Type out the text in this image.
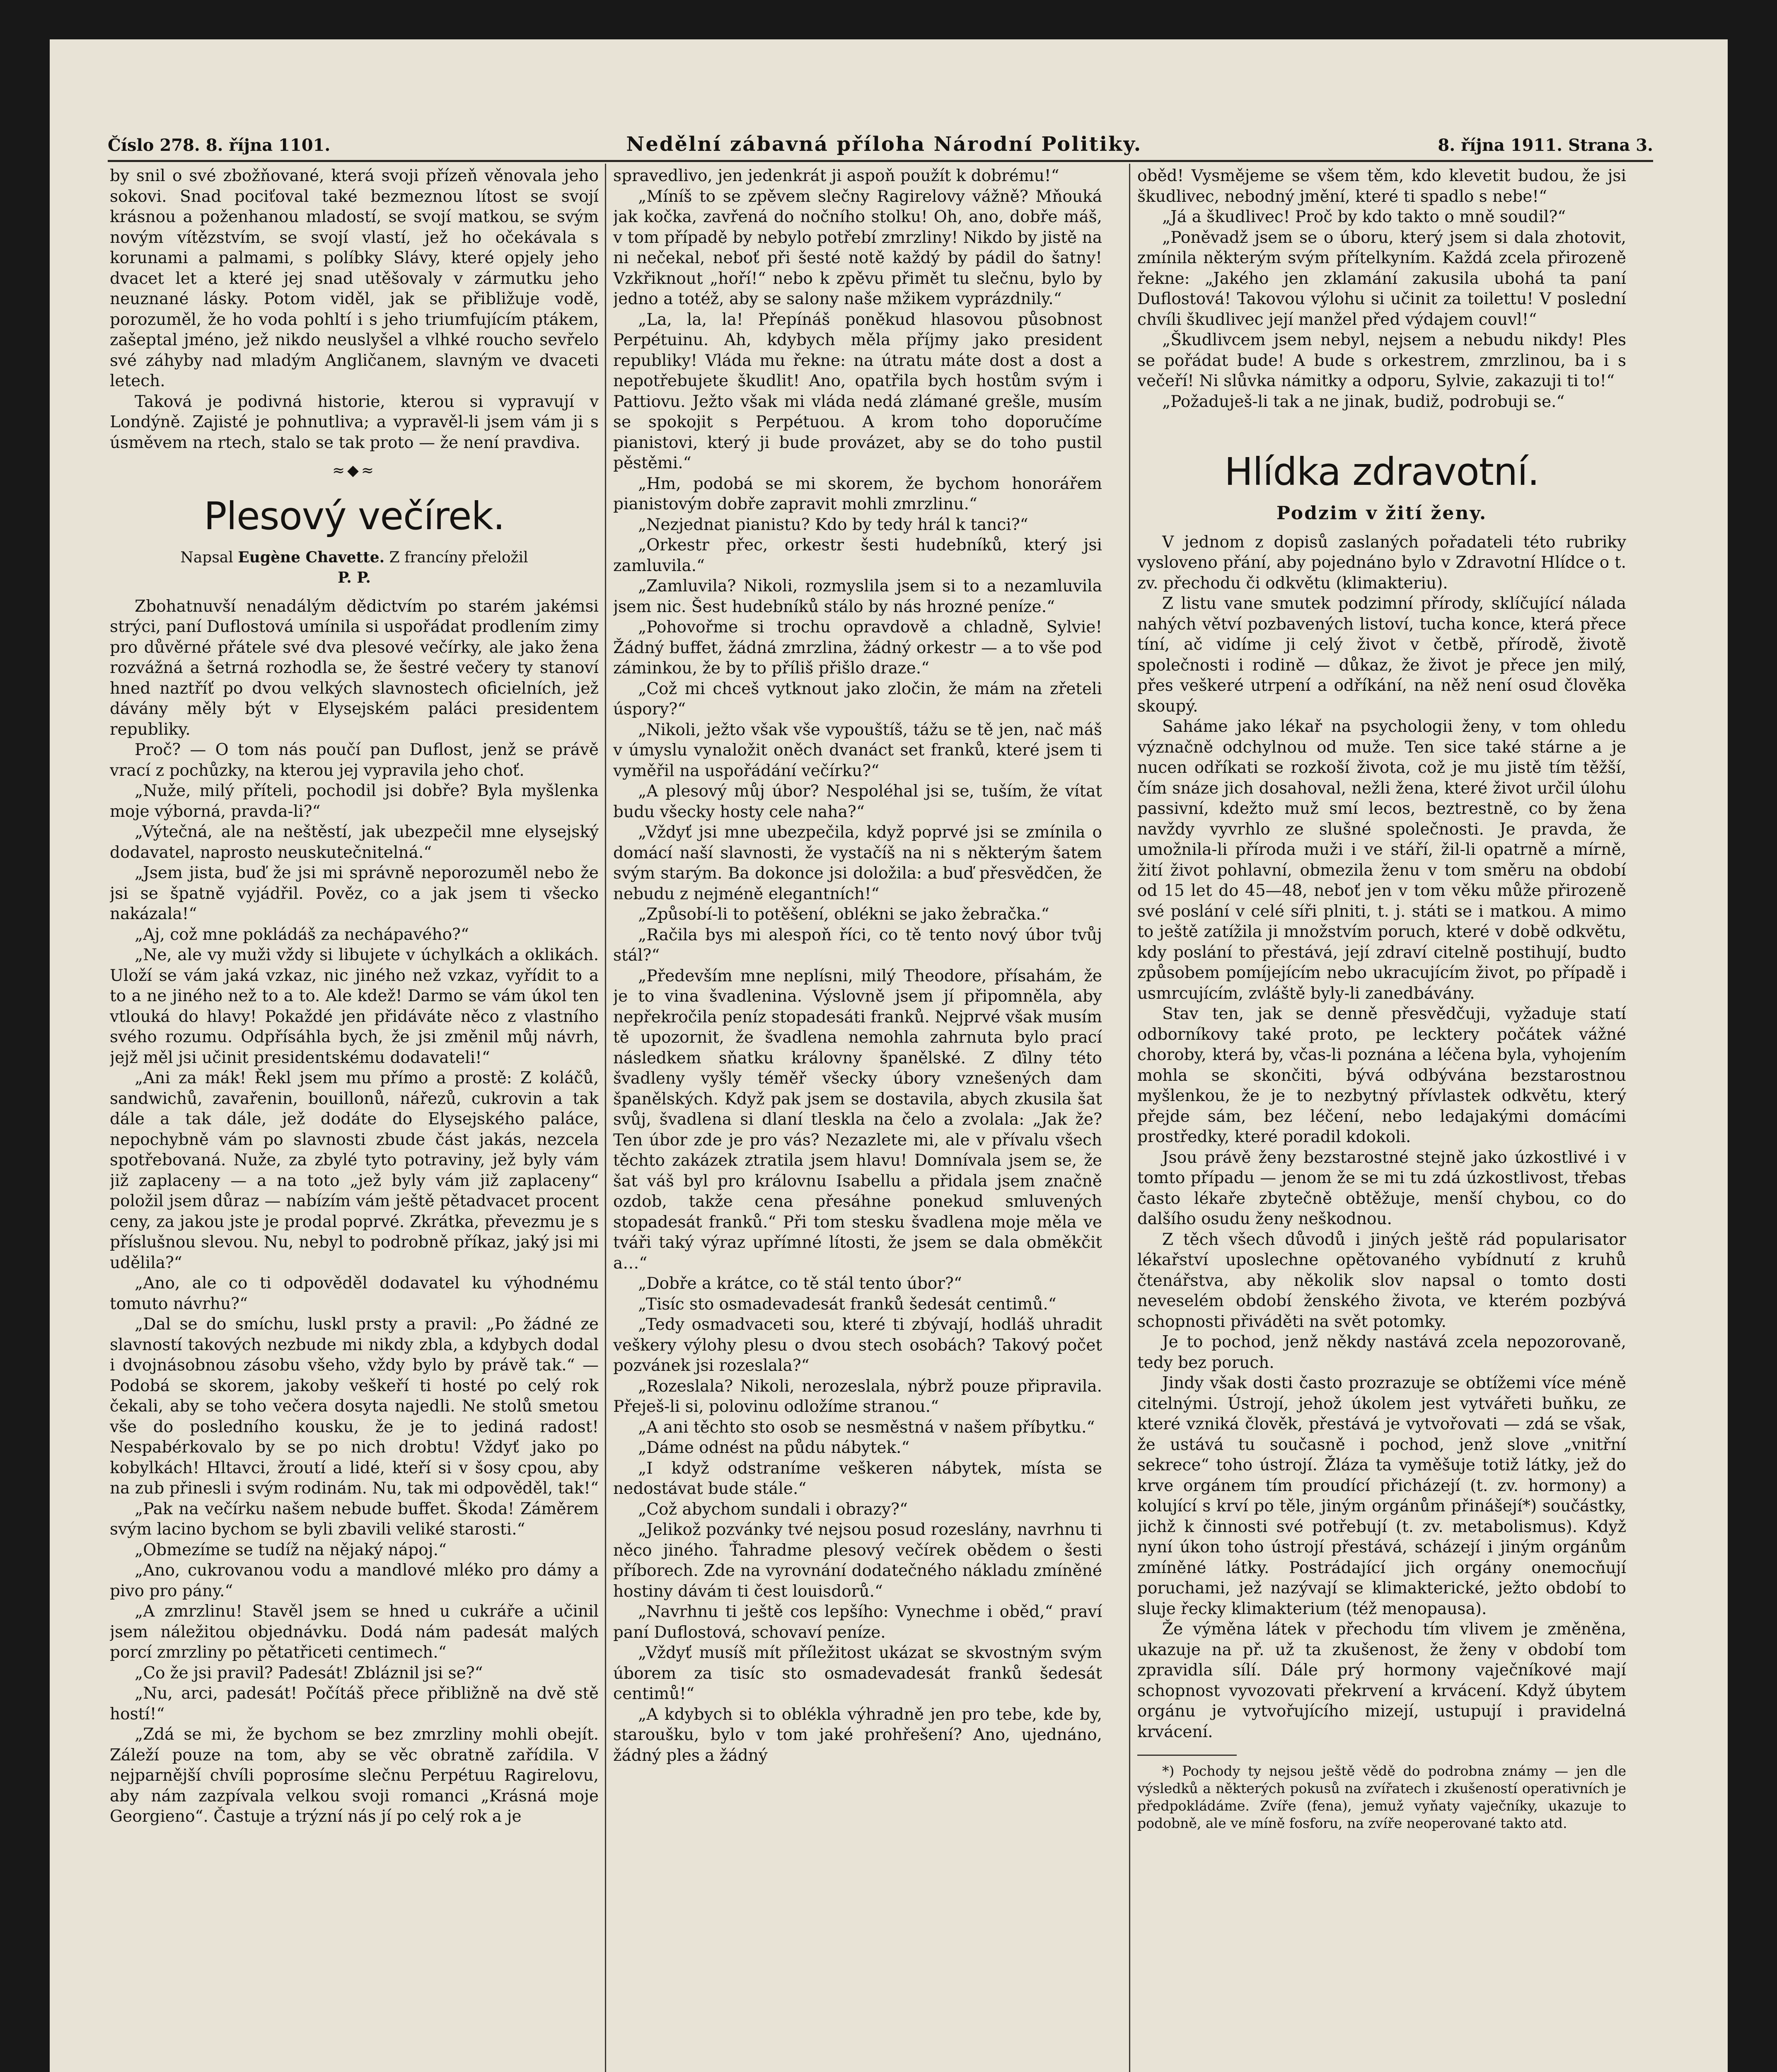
Číslo 278. 8. října 1101.	Nedělní zábavná příloha Národní Politiky.	8. října 1911. Strana 3.

by snil o své zbožňované, která svoji přízeň věnovala jeho sokovi. Snad pociťoval také bezmeznou lítost se svojí krásnou a poženhanou mladostí, se svojí matkou, se svým novým vítězstvím, se svojí vlastí, jež ho očekávala s korunami a palmami, s políbky Slávy, které opjely jeho dvacet let a které jej snad utěšovaly v zármutku jeho neuznané lásky. Potom viděl, jak se přibližuje vodě, porozuměl, že ho voda pohltí i s jeho triumfujícím ptákem, zašeptal jméno, jež nikdo neuslyšel a vlhké roucho sevřelo své záhyby nad mladým Angličanem, slavným ve dvaceti letech.

Taková je podivná historie, kterou si vypravují v Londýně. Zajisté je pohnutliva; a vypravěl-li jsem vám ji s úsměvem na rtech, stalo se tak proto — že není pravdiva.

≈◆≈
Plesový večírek.
Napsal Eugène Chavette. Z francíny přeložil
P. P.

Zbohatnuvší nenadálým dědictvím po starém jakémsi strýci, paní Duflostová umínila si uspořádat prodlením zimy pro důvěrné přátele své dva plesové večírky, ale jako žena rozvážná a šetrná rozhodla se, že šestré večery ty stanoví hned naztříť po dvou velkých slavnostech oficielních, jež dávány měly být v Elysejském paláci presidentem republiky.

Proč? — O tom nás poučí pan Duflost, jenž se právě vrací z pochůzky, na kterou jej vypravila jeho choť.

„Nuže, milý příteli, pochodil jsi dobře? Byla myšlenka moje výborná, pravda-li?“

„Výtečná, ale na neštěstí, jak ubezpečil mne elysejský dodavatel, naprosto neuskutečnitelná.“

„Jsem jista, buď že jsi mi správně neporozuměl nebo že jsi se špatně vyjádřil. Pověz, co a jak jsem ti všecko nakázala!“

„Aj, což mne pokládáš za nechápavého?“

„Ne, ale vy muži vždy si libujete v úchylkách a oklikách. Uloží se vám jaká vzkaz, nic jiného než vzkaz, vyřídit to a to a ne jiného než to a to. Ale kdež! Darmo se vám úkol ten vtlouká do hlavy! Pokaždé jen přidáváte něco z vlastního svého rozumu. Odpřísáhla bych, že jsi změnil můj návrh, jejž měl jsi učinit presidentskému dodavateli!“

„Ani za mák! Řekl jsem mu přímo a prostě: Z koláčů, sandwichů, zavařenin, bouillonů, nářezů, cukrovin a tak dále a tak dále, jež dodáte do Elysejského paláce, nepochybně vám po slavnosti zbude část jakás, nezcela spotřebovaná. Nuže, za zbylé tyto potraviny, jež byly vám již zaplaceny — a na toto „jež byly vám již zaplaceny“ položil jsem důraz — nabízím vám ještě pětadvacet procent ceny, za jakou jste je prodal poprvé. Zkrátka, převezmu je s příslušnou slevou. Nu, nebyl to podrobně příkaz, jaký jsi mi udělila?“

„Ano, ale co ti odpověděl dodavatel ku výhodnému tomuto návrhu?“

„Dal se do smíchu, luskl prsty a pravil: „Po žádné ze slavností takových nezbude mi nikdy zbla, a kdybych dodal i dvojnásobnou zásobu všeho, vždy bylo by právě tak.“ — Podobá se skorem, jakoby veškeří ti hosté po celý rok čekali, aby se toho večera dosyta najedli. Ne stolů smetou vše do posledního kousku, že je to jediná radost! Nespabérkovalo by se po nich drobtu! Vždyť jako po kobylkách! Hltavci, žroutí a lidé, kteří si v šosy cpou, aby na zub přinesli i svým rodinám. Nu, tak mi odpověděl, tak!“

„Pak na večírku našem nebude buffet. Škoda! Záměrem svým lacino bychom se byli zbavili veliké starosti.“

„Obmezíme se tudíž na nějaký nápoj.“

„Ano, cukrovanou vodu a mandlové mléko pro dámy a pivo pro pány.“

„A zmrzlinu! Stavěl jsem se hned u cukráře a učinil jsem náležitou objednávku. Dodá nám padesát malých porcí zmrzliny po pětatřiceti centimech.“

„Co že jsi pravil? Padesát! Zbláznil jsi se?“

„Nu, arci, padesát! Počítáš přece přibližně na dvě stě hostí!“

„Zdá se mi, že bychom se bez zmrzliny mohli obejít. Záleží pouze na tom, aby se věc obratně zařídila. V nejparnější chvíli poprosíme slečnu Perpétuu Ragirelovu, aby nám zazpívala velkou svoji romanci „Krásná moje Georgieno“. Častuje a trýzní nás jí po celý rok a je

spravedlivo, jen jedenkrát ji aspoň použít k dobrému!“

„Míníš to se zpěvem slečny Ragirelovy vážně? Mňouká jak kočka, zavřená do nočního stolku! Oh, ano, dobře máš, v tom případě by nebylo potřebí zmrzliny! Nikdo by jistě na ni nečekal, neboť při šesté notě každý by pádil do šatny! Vzkřiknout „hoří!“ nebo k zpěvu přimět tu slečnu, bylo by jedno a totéž, aby se salony naše mžikem vyprázdnily.“

„La, la, la! Přepínáš poněkud hlasovou působnost Perpétuinu. Ah, kdybych měla příjmy jako president republiky! Vláda mu řekne: na útratu máte dost a dost a nepotřebujete škudlit! Ano, opatřila bych hostům svým i Pattiovu. Ježto však mi vláda nedá zlámané grešle, musím se spokojit s Perpétuou. A krom toho doporučíme pianistovi, který ji bude provázet, aby se do toho pustil pěstěmi.“

„Hm, podobá se mi skorem, že bychom honorářem pianistovým dobře zapravit mohli zmrzlinu.“

„Nezjednat pianistu? Kdo by tedy hrál k tanci?“

„Orkestr přec, orkestr šesti hudebníků, který jsi zamluvila.“

„Zamluvila? Nikoli, rozmyslila jsem si to a nezamluvila jsem nic. Šest hudebníků stálo by nás hrozné peníze.“

„Pohovořme si trochu opravdově a chladně, Sylvie! Žádný buffet, žádná zmrzlina, žádný orkestr — a to vše pod záminkou, že by to příliš přišlo draze.“

„Což mi chceš vytknout jako zločin, že mám na zřeteli úspory?“

„Nikoli, ježto však vše vypouštíš, tážu se tě jen, nač máš v úmyslu vynaložit oněch dvanáct set franků, které jsem ti vyměřil na uspořádání večírku?“

„A plesový můj úbor? Nespoléhal jsi se, tuším, že vítat budu všecky hosty cele naha?“

„Vždyť jsi mne ubezpečila, když poprvé jsi se zmínila o domácí naší slavnosti, že vystačíš na ni s některým šatem svým starým. Ba dokonce jsi doložila: a buď přesvědčen, že nebudu z nejméně elegantních!“

„Způsobí-li to potěšení, oblékni se jako žebračka.“

„Račila bys mi alespoň říci, co tě tento nový úbor tvůj stál?“

„Především mne neplísni, milý Theodore, přísahám, že je to vina švadlenina. Výslovně jsem jí připomněla, aby nepřekročila peníz stopadesáti franků. Nejprvé však musím tě upozornit, že švadlena nemohla zahrnuta bylo prací následkem sňatku královny španělské. Z ďilny této švadleny vyšly téměř všecky úbory vznešených dam španělských. Když pak jsem se dostavila, abych zkusila šat svůj, švadlena si dlaní tleskla na čelo a zvolala: „Jak že? Ten úbor zde je pro vás? Nezazlete mi, ale v přívalu všech těchto zakázek ztratila jsem hlavu! Domnívala jsem se, že šat váš byl pro královnu Isabellu a přidala jsem značně ozdob, takže cena přesáhne ponekud smluvených stopadesát franků.“ Při tom stesku švadlena moje měla ve tváři taký výraz upřímné lítosti, že jsem se dala obměkčit a…“

„Dobře a krátce, co tě stál tento úbor?“

„Tisíc sto osmadevadesát franků šedesát centimů.“

„Tedy osmadvaceti sou, které ti zbývají, hodláš uhradit veškery výlohy plesu o dvou stech osobách? Takový počet pozvánek jsi rozeslala?“

„Rozeslala? Nikoli, nerozeslala, nýbrž pouze připravila. Přeješ-li si, polovinu odložíme stranou.“

„A ani těchto sto osob se nesměstná v našem příbytku.“

„Dáme odnést na půdu nábytek.“

„I když odstraníme veškeren nábytek, místa se nedostávat bude stále.“

„Což abychom sundali i obrazy?“

„Jelikož pozvánky tvé nejsou posud rozeslány, navrhnu ti něco jiného. Ťahradme plesový večírek obědem o šesti příborech. Zde na vyrovnání dodatečného nákladu zmíněné hostiny dávám ti čest louisdorů.“

„Navrhnu ti ještě cos lepšího: Vynechme i oběd,“ praví paní Duflostová, schovaví peníze.

„Vždyť musíš mít příležitost ukázat se skvostným svým úborem za tisíc sto osmadevadesát franků šedesát centimů!“

„A kdybych si to oblékla výhradně jen pro tebe, kde by, staroušku, bylo v tom jaké prohřešení? Ano, ujednáno, žádný ples a žádný

oběd! Vysmějeme se všem těm, kdo klevetit budou, že jsi škudlivec, nebodný jmění, které ti spadlo s nebe!“

„Já a škudlivec! Proč by kdo takto o mně soudil?“

„Poněvadž jsem se o úboru, který jsem si dala zhotovit, zmínila některým svým přítelkyním. Každá zcela přirozeně řekne: „Jakého jen zklamání zakusila ubohá ta paní Duflostová! Takovou výlohu si učinit za toilettu! V poslední chvíli škudlivec její manžel před výdajem couvl!“

„Škudlivcem jsem nebyl, nejsem a nebudu nikdy! Ples se pořádat bude! A bude s orkestrem, zmrzlinou, ba i s večeří! Ni slůvka námitky a odporu, Sylvie, zakazuji ti to!“

„Požaduješ-li tak a ne jinak, budiž, podrobuji se.“

Hlídka zdravotní.
Podzim v žití ženy.

V jednom z dopisů zaslaných pořadateli této rubriky vysloveno přání, aby pojednáno bylo v Zdravotní Hlídce o t. zv. přechodu či odkvětu (klimakteriu).

Z listu vane smutek podzimní přírody, sklíčující nálada nahých větví pozbavených listoví, tucha konce, která přece tíní, ač vidíme ji celý život v četbě, přírodě, životě společnosti i rodině — důkaz, že život je přece jen milý, přes veškeré utrpení a odříkání, na něž není osud člověka skoupý.

Saháme jako lékař na psychologii ženy, v tom ohledu význačně odchylnou od muže. Ten sice také stárne a je nucen odříkati se rozkoší života, což je mu jistě tím těžší, čím snáze jich dosahoval, nežli žena, které život určil úlohu passivní, kdežto muž smí lecos, beztrestně, co by žena navždy vyvrhlo ze slušné společnosti. Je pravda, že umožnila-li příroda muži i ve stáří, žil-li opatrně a mírně, žití život pohlavní, obmezila ženu v tom směru na období od 15 let do 45—48, neboť jen v tom věku může přirozeně své poslání v celé síři plniti, t. j. státi se i matkou. A mimo to ještě zatížila ji množstvím poruch, které v době odkvětu, kdy poslání to přestává, její zdraví citelně postihují, budto způsobem pomíjejícím nebo ukracujícím život, po případě i usmrcujícím, zvláště byly-li zanedbávány.

Stav ten, jak se denně přesvědčuji, vyžaduje statí odborníkovy také proto, pe lecktery počátek vážné choroby, která by, včas-li poznána a léčena byla, vyhojením mohla se skončiti, bývá odbývána bezstarostnou myšlenkou, že je to nezbytný přívlastek odkvětu, který přejde sám, bez léčení, nebo ledajakými domácími prostředky, které poradil kdokoli.

Jsou právě ženy bezstarostné stejně jako úzkostlivé i v tomto případu — jenom že se mi tu zdá úzkostlivost, třebas často lékaře zbytečně obtěžuje, menší chybou, co do dalšího osudu ženy neškodnou.

Z těch všech důvodů i jiných ještě rád popularisator lékařství uposlechne opětovaného vybídnutí z kruhů čtenářstva, aby několik slov napsal o tomto dosti neveselém období ženského života, ve kterém pozbývá schopnosti přiváděti na svět potomky.

Je to pochod, jenž někdy nastává zcela nepozorovaně, tedy bez poruch.

Jindy však dosti často prozrazuje se obtížemi více méně citelnými. Ústrojí, jehož úkolem jest vytvářeti buňku, ze které vzniká člověk, přestává je vytvořovati — zdá se však, že ustává tu současně i pochod, jenž slove „vnitřní sekrece“ toho ústrojí. Žláza ta vyměšuje totiž látky, jež do krve orgánem tím proudící přicházejí (t. zv. hormony) a kolující s krví po těle, jiným orgánům přinášejí*) součástky, jichž k činnosti své potřebují (t. zv. metabolismus). Když nyní úkon toho ústrojí přestává, scházejí i jiným orgánům zmíněné látky. Postrádající jich orgány onemocňují poruchami, jež nazývají se klimakterické, ježto období to sluje řecky klimakterium (též menopausa).

Že výměna látek v přechodu tím vlivem je změněna, ukazuje na př. už ta zkušenost, že ženy v období tom zpravidla sílí. Dále prý hormony vaječníkové mají schopnost vyvozovati překrvení a krvácení. Když úbytem orgánu je vytvořujícího mizejí, ustupují i pravidelná krvácení.

*) Pochody ty nejsou ještě vědě do podrobna známy — jen dle výsledků a některých pokusů na zvířatech i zkušeností operativních je předpokládáme. Zvíře (fena), jemuž vyňaty vaječníky, ukazuje to podobně, ale ve míně fosforu, na zvíře neoperované takto atd.
